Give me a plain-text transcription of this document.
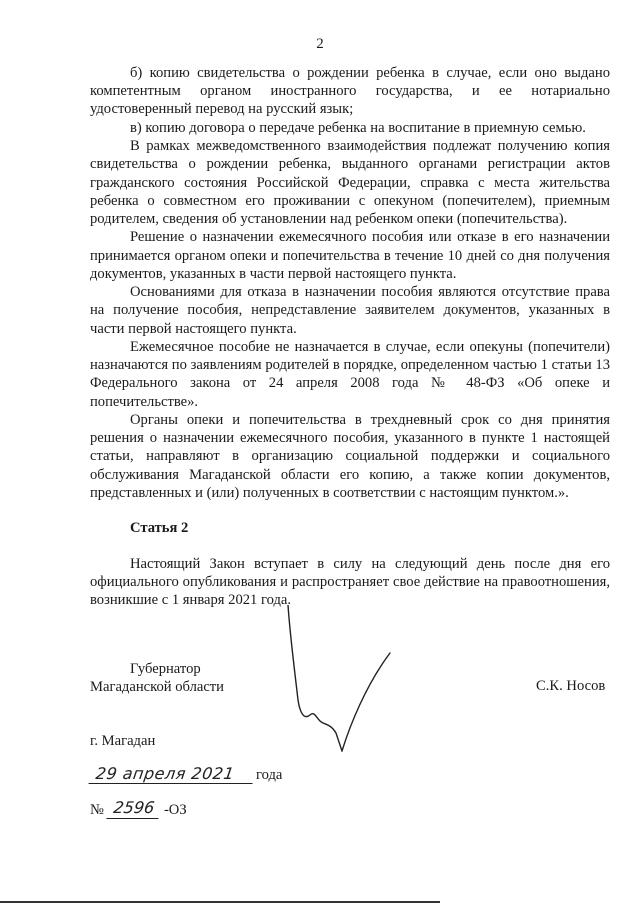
2

б) копию свидетельства о рождении ребенка в случае, если оно выдано компетентным органом иностранного государства, и ее нотариально удостоверенный перевод на русский язык;

в) копию договора о передаче ребенка на воспитание в приемную семью.

В рамках межведомственного взаимодействия подлежат получению копия свидетельства о рождении ребенка, выданного органами регистрации актов гражданского состояния Российской Федерации, справка с места жительства ребенка о совместном его проживании с опекуном (попечителем), приемным родителем, сведения об установлении над ребенком опеки (попечительства).

Решение о назначении ежемесячного пособия или отказе в его назначении принимается органом опеки и попечительства в течение 10 дней со дня получения документов, указанных в части первой настоящего пункта.

Основаниями для отказа в назначении пособия являются отсутствие права на получение пособия, непредставление заявителем документов, указанных в части первой настоящего пункта.

Ежемесячное пособие не назначается в случае, если опекуны (попечители) назначаются по заявлениям родителей в порядке, определенном частью 1 статьи 13 Федерального закона от 24 апреля 2008 года № 48-ФЗ «Об опеке и попечительстве».

Органы опеки и попечительства в трехдневный срок со дня принятия решения о назначении ежемесячного пособия, указанного в пункте 1 настоящей статьи, направляют в организацию социальной поддержки и социального обслуживания Магаданской области его копию, а также копии документов, представленных и (или) полученных в соответствии с настоящим пунктом.».

Статья 2

Настоящий Закон вступает в силу на следующий день после дня его официального опубликования и распространяет свое действие на правоотношения, возникшие с 1 января 2021 года.

Губернатор
Магаданской области	С.К. Носов
г. Магадан
29 апреля 2021	года
№ 2596 -ОЗ
